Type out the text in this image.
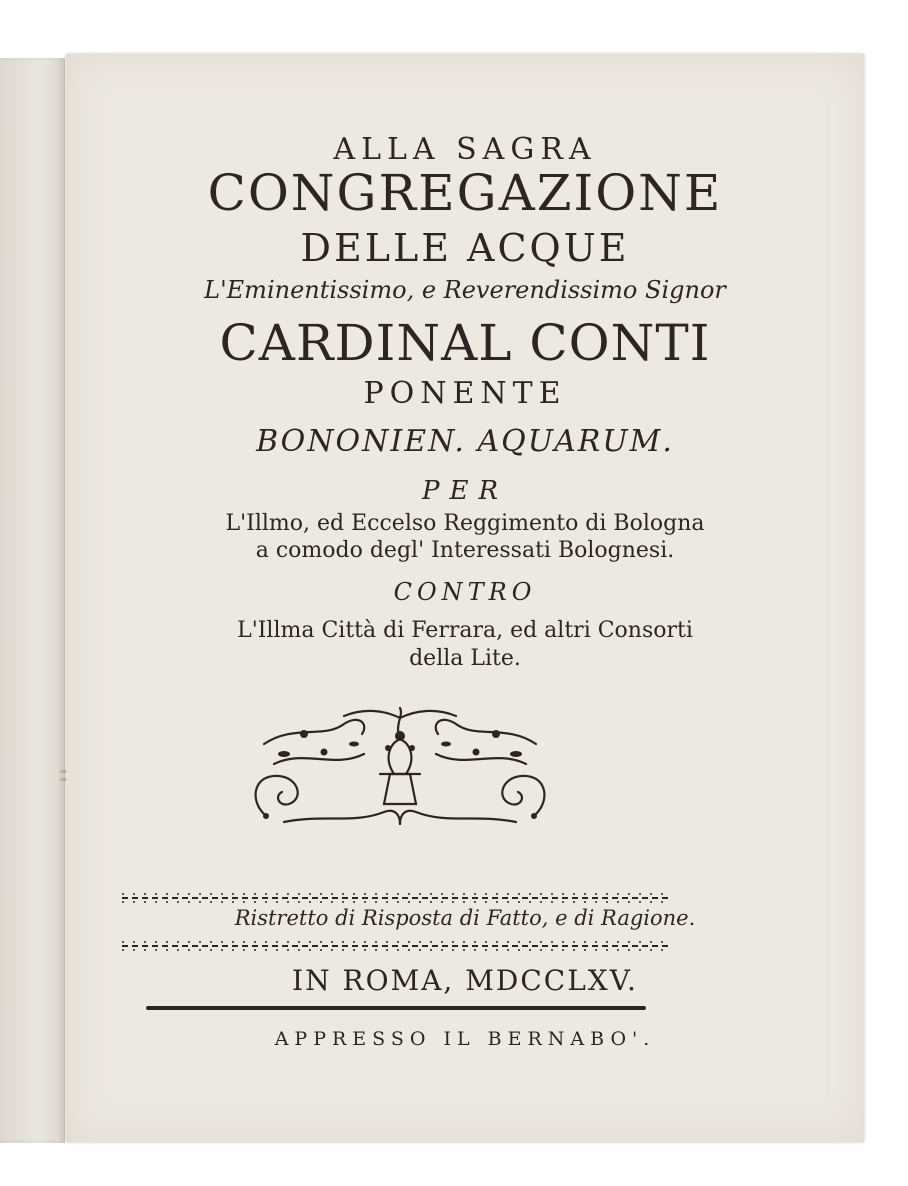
ALLA SAGRA
CONGREGAZIONE
DELLE ACQUE
L'Eminentissimo, e Reverendissimo Signor
CARDINAL CONTI
PONENTE
BONONIEN. AQUARUM.
PER
L'Illmo, ed Eccelso Reggimento di Bologna
a comodo degl' Interessati Bolognesi.
CONTRO
L'Illma Città di Ferrara, ed altri Consorti
della Lite.
Ristretto di Risposta di Fatto, e di Ragione.
IN ROMA, MDCCLXV.
APPRESSO IL BERNABO'.
